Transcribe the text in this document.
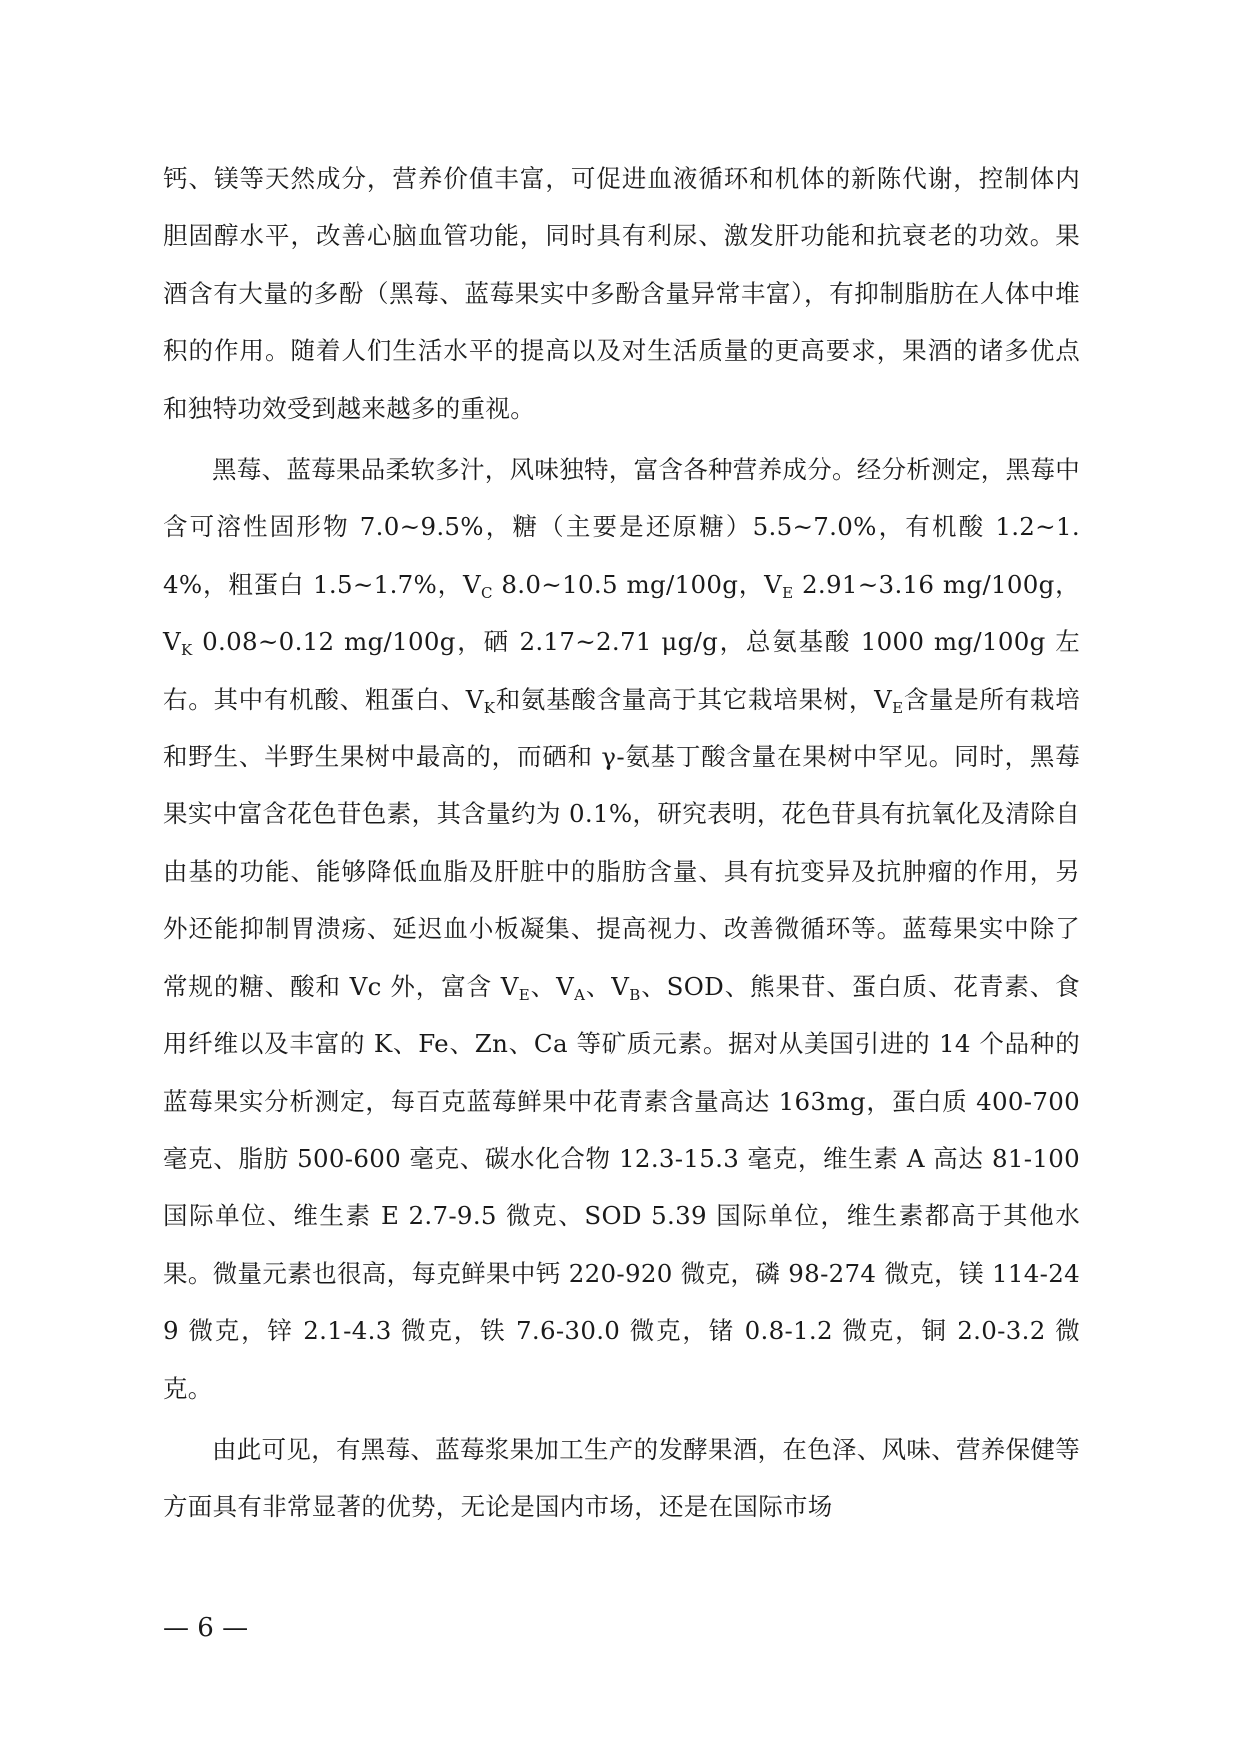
钙、镁等天然成分，营养价值丰富，可促进血液循环和机体的新陈代谢，控制体内胆固醇水平，改善心脑血管功能，同时具有利尿、激发肝功能和抗衰老的功效。果酒含有大量的多酚（黑莓、蓝莓果实中多酚含量异常丰富），有抑制脂肪在人体中堆积的作用。随着人们生活水平的提高以及对生活质量的更高要求，果酒的诸多优点和独特功效受到越来越多的重视。

黑莓、蓝莓果品柔软多汁，风味独特，富含各种营养成分。经分析测定，黑莓中含可溶性固形物 7.0~9.5%，糖（主要是还原糖）5.5~7.0%，有机酸 1.2~1.4%，粗蛋白 1.5~1.7%，$V_C$ 8.0~10.5 mg/100g，$V_E$ 2.91~3.16 mg/100g，$V_K$ 0.08~0.12 mg/100g，硒 2.17~2.71 μg/g，总氨基酸 1000 mg/100g 左右。其中有机酸、粗蛋白、$V_K$和氨基酸含量高于其它栽培果树，$V_E$含量是所有栽培和野生、半野生果树中最高的，而硒和 γ-氨基丁酸含量在果树中罕见。同时，黑莓果实中富含花色苷色素，其含量约为 0.1%，研究表明，花色苷具有抗氧化及清除自由基的功能、能够降低血脂及肝脏中的脂肪含量、具有抗变异及抗肿瘤的作用，另外还能抑制胃溃疡、延迟血小板凝集、提高视力、改善微循环等。蓝莓果实中除了常规的糖、酸和 Vc 外，富含 $V_E$、$V_A$、$V_B$、SOD、熊果苷、蛋白质、花青素、食用纤维以及丰富的 K、Fe、Zn、Ca 等矿质元素。据对从美国引进的 14 个品种的蓝莓果实分析测定，每百克蓝莓鲜果中花青素含量高达 163mg，蛋白质 400-700 毫克、脂肪 500-600 毫克、碳水化合物 12.3-15.3 毫克，维生素 A 高达 81-100 国际单位、维生素 E 2.7-9.5 微克、SOD 5.39 国际单位，维生素都高于其他水果。微量元素也很高，每克鲜果中钙 220-920 微克，磷 98-274 微克，镁 114-249 微克，锌 2.1-4.3 微克，铁 7.6-30.0 微克，锗 0.8-1.2 微克，铜 2.0-3.2 微克。

由此可见，有黑莓、蓝莓浆果加工生产的发酵果酒，在色泽、风味、营养保健等方面具有非常显著的优势，无论是国内市场，还是在国际市场

— 6 —
